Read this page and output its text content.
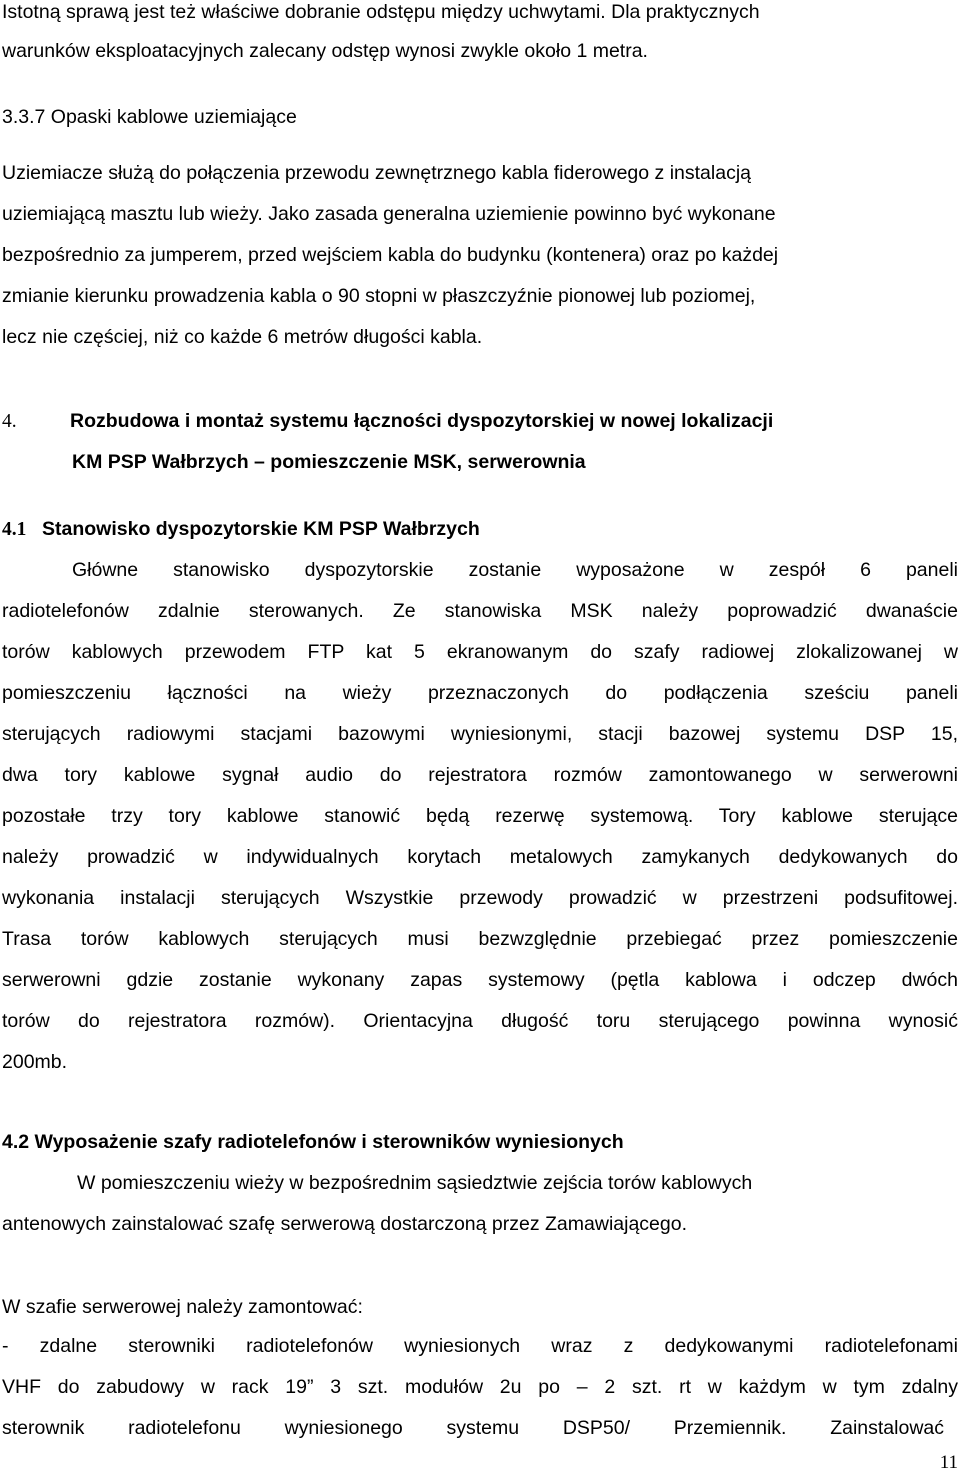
Istotną sprawą jest też właściwe dobranie odstępu między uchwytami. Dla praktycznych
warunków eksploatacyjnych zalecany odstęp wynosi zwykle około 1 metra.
3.3.7 Opaski kablowe uziemiające
Uziemiacze służą do połączenia przewodu zewnętrznego kabla fiderowego z instalacją
uziemiającą masztu lub wieży. Jako zasada generalna uziemienie powinno być wykonane
bezpośrednio za jumperem, przed wejściem kabla do budynku (kontenera) oraz po każdej
zmianie kierunku prowadzenia kabla o 90 stopni w płaszczyźnie pionowej lub poziomej,
lecz nie częściej, niż co każde 6 metrów długości kabla.
4.	Rozbudowa i montaż systemu łączności dyspozytorskiej w nowej lokalizacji
KM PSP Wałbrzych – pomieszczenie MSK, serwerownia
4.1 Stanowisko dyspozytorskie KM PSP Wałbrzych
Główne stanowisko dyspozytorskie zostanie wyposażone w zespół 6 paneli
radiotelefonów zdalnie sterowanych. Ze stanowiska MSK należy poprowadzić dwanaście
torów kablowych przewodem FTP kat 5 ekranowanym do szafy radiowej zlokalizowanej w
pomieszczeniu łączności na wieży przeznaczonych do podłączenia sześciu paneli
sterujących radiowymi stacjami bazowymi wyniesionymi, stacji bazowej systemu DSP 15,
dwa tory kablowe sygnał audio do rejestratora rozmów zamontowanego w serwerowni
pozostałe trzy tory kablowe stanowić będą rezerwę systemową. Tory kablowe sterujące
należy prowadzić w indywidualnych korytach metalowych zamykanych dedykowanych do
wykonania instalacji sterujących Wszystkie przewody prowadzić w przestrzeni podsufitowej.
Trasa torów kablowych sterujących musi bezwzględnie przebiegać przez pomieszczenie
serwerowni gdzie zostanie wykonany zapas systemowy (pętla kablowa i odczep dwóch
torów do rejestratora rozmów). Orientacyjna długość toru sterującego powinna wynosić
200mb.
4.2 Wyposażenie szafy radiotelefonów i sterowników wyniesionych
W pomieszczeniu wieży w bezpośrednim sąsiedztwie zejścia torów kablowych
antenowych zainstalować szafę serwerową dostarczoną przez Zamawiającego.
W szafie serwerowej należy zamontować:
- zdalne sterowniki radiotelefonów wyniesionych wraz z dedykowanymi radiotelefonami
VHF do zabudowy w rack 19” 3 szt. modułów 2u po – 2 szt. rt w każdym w tym zdalny
sterownik radiotelefonu wyniesionego systemu DSP50/ Przemiennik. Zainstalować
11
